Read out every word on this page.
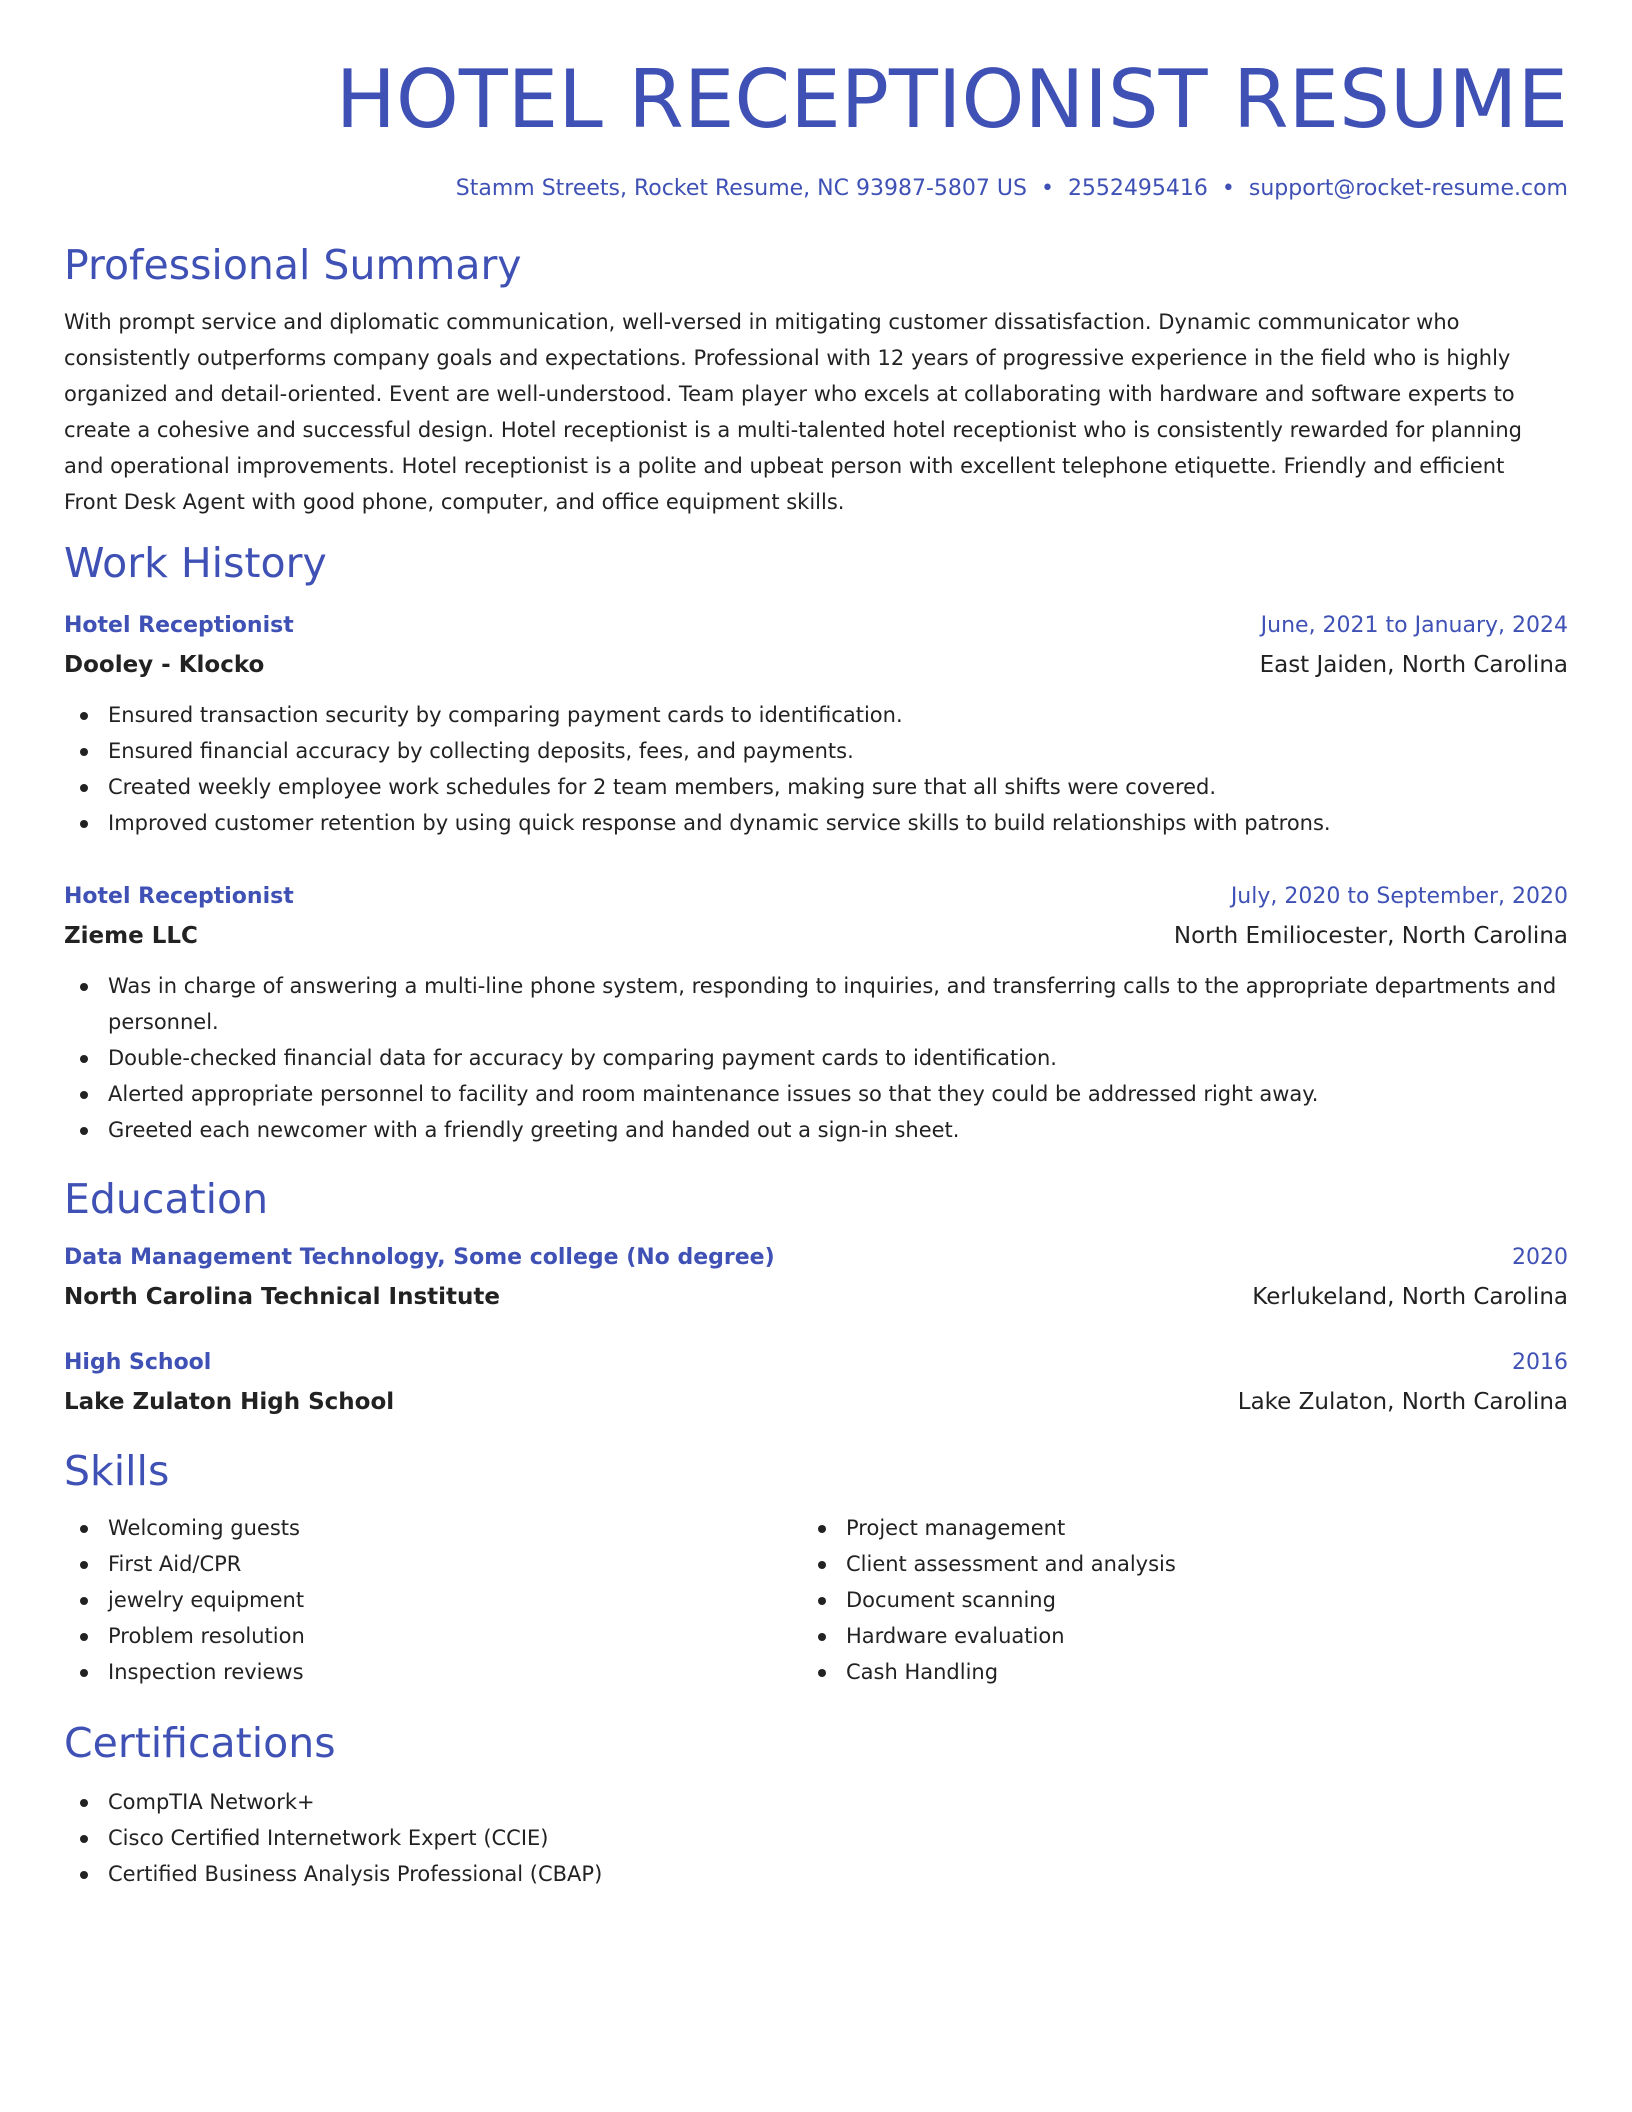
HOTEL RECEPTIONIST RESUME
Stamm Streets, Rocket Resume, NC 93987-5807 US • 2552495416 • support@rocket-resume.com
Professional Summary

With prompt service and diplomatic communication, well-versed in mitigating customer dissatisfaction. Dynamic communicator who consistently outperforms company goals and expectations. Professional with 12 years of progressive experience in the field who is highly organized and detail-oriented. Event are well-understood. Team player who excels at collaborating with hardware and software experts to create a cohesive and successful design. Hotel receptionist is a multi-talented hotel receptionist who is consistently rewarded for planning and operational improvements. Hotel receptionist is a polite and upbeat person with excellent telephone etiquette. Friendly and efficient Front Desk Agent with good phone, computer, and office equipment skills.

Work History
Hotel Receptionist	June, 2021 to January, 2024
Dooley - Klocko	East Jaiden, North Carolina
Ensured transaction security by comparing payment cards to identification.
Ensured financial accuracy by collecting deposits, fees, and payments.
Created weekly employee work schedules for 2 team members, making sure that all shifts were covered.
Improved customer retention by using quick response and dynamic service skills to build relationships with patrons.
Hotel Receptionist	July, 2020 to September, 2020
Zieme LLC	North Emiliocester, North Carolina
Was in charge of answering a multi-line phone system, responding to inquiries, and transferring calls to the appropriate departments and personnel.
Double-checked financial data for accuracy by comparing payment cards to identification.
Alerted appropriate personnel to facility and room maintenance issues so that they could be addressed right away.
Greeted each newcomer with a friendly greeting and handed out a sign-in sheet.
Education
Data Management Technology, Some college (No degree)	2020
North Carolina Technical Institute	Kerlukeland, North Carolina
High School	2016
Lake Zulaton High School	Lake Zulaton, North Carolina
Skills
Welcoming guests
First Aid/CPR
jewelry equipment
Problem resolution
Inspection reviews
Project management
Client assessment and analysis
Document scanning
Hardware evaluation
Cash Handling
Certifications
CompTIA Network+
Cisco Certified Internetwork Expert (CCIE)
Certified Business Analysis Professional (CBAP)
